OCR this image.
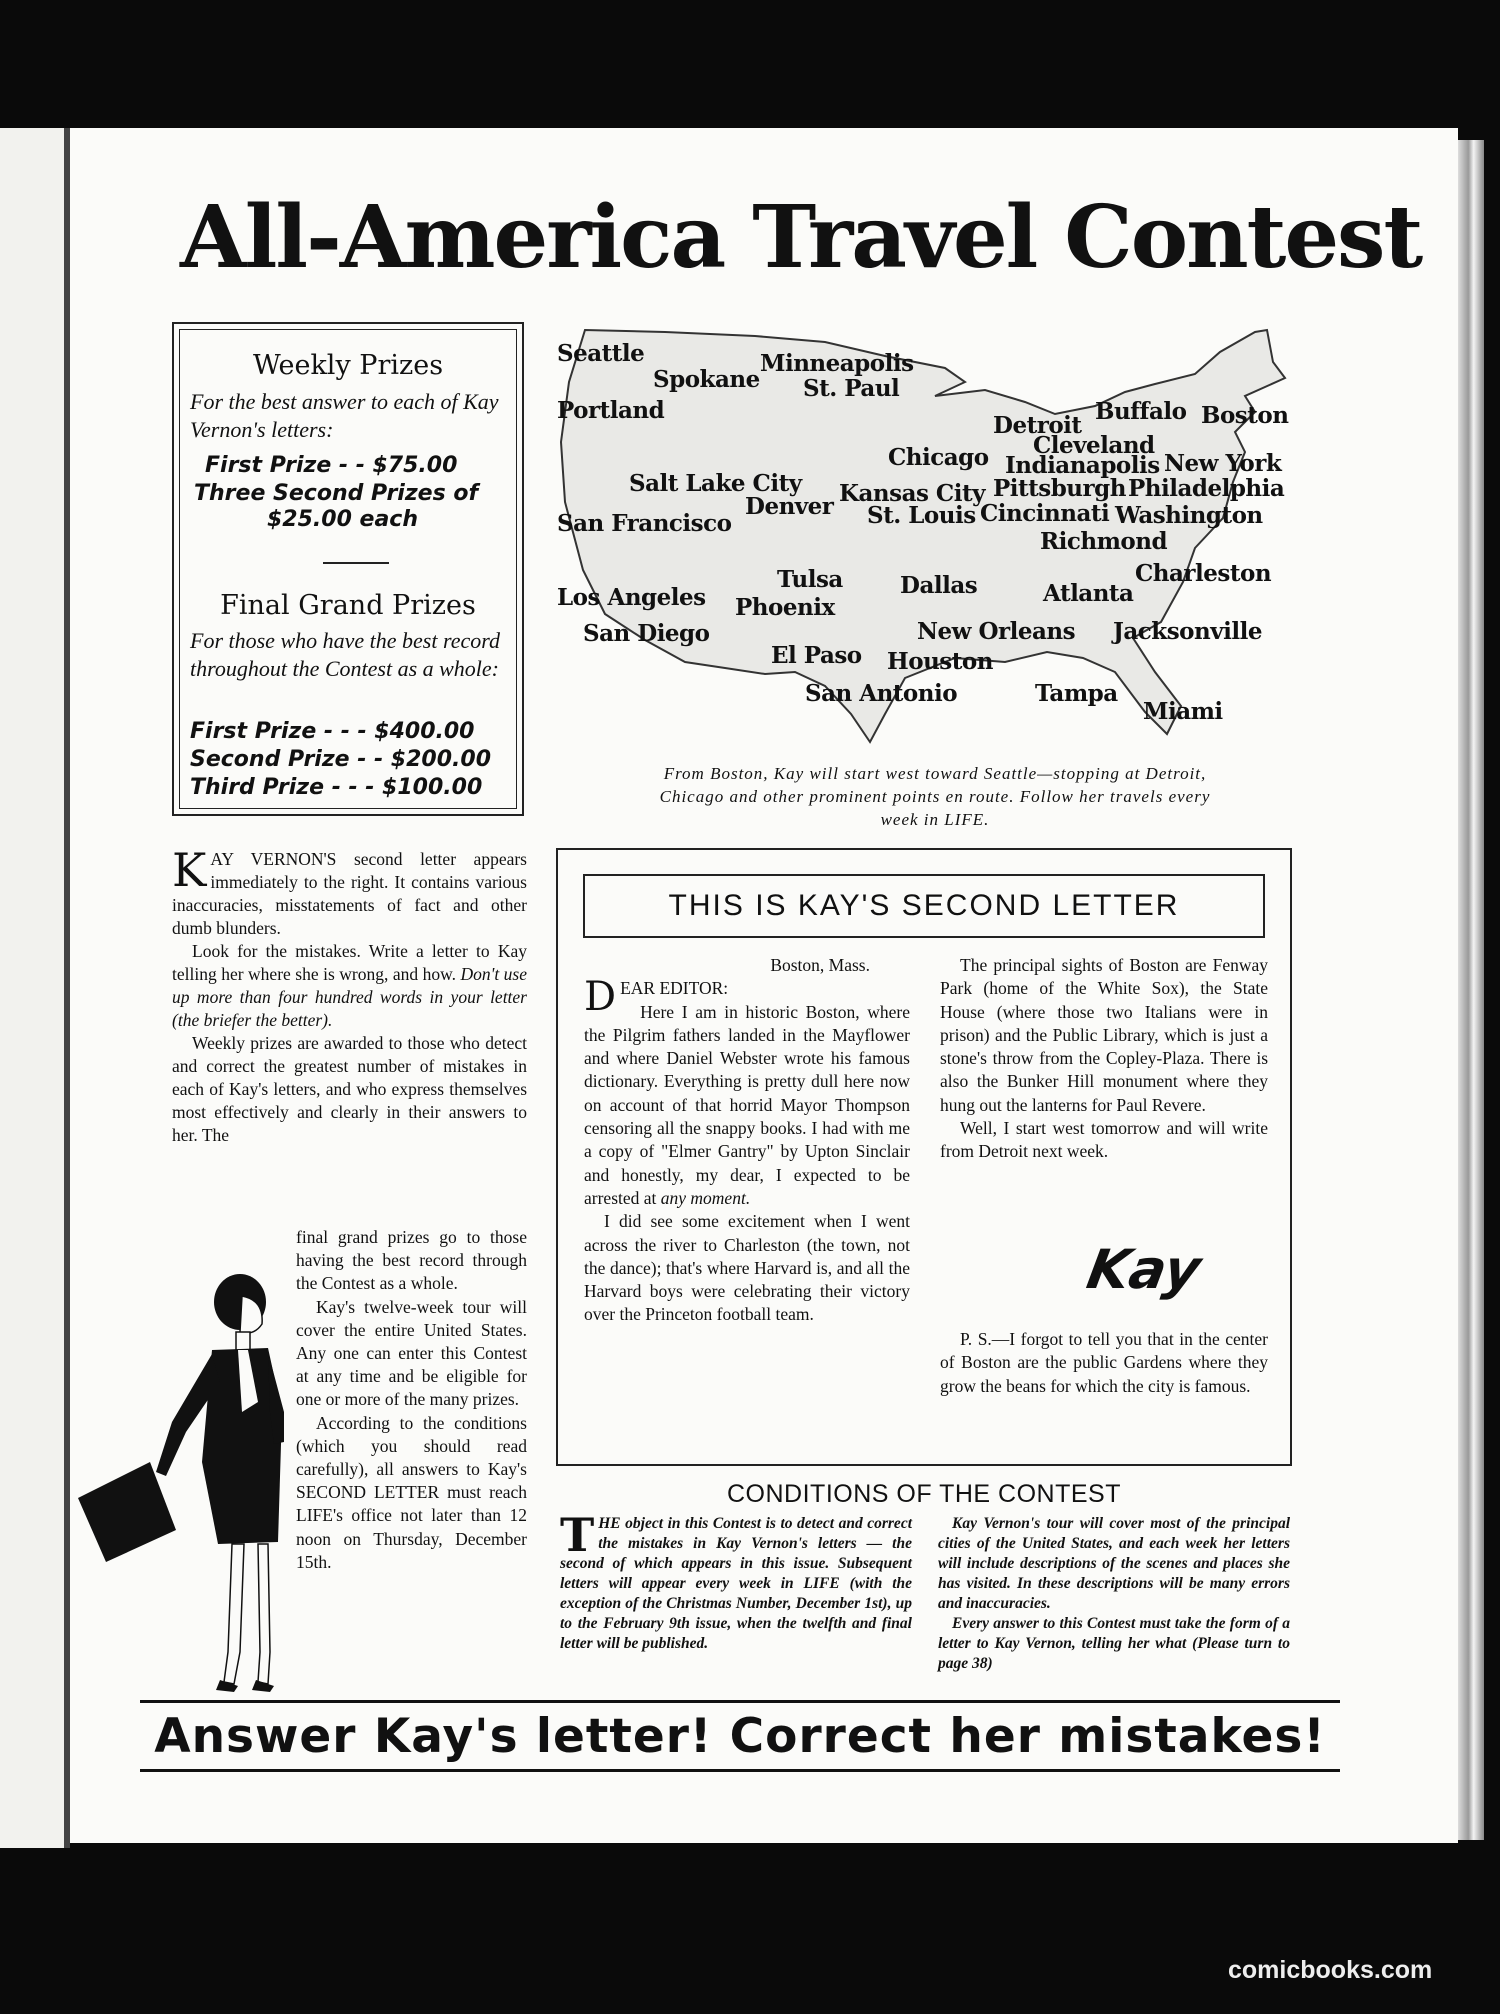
All-America Travel Contest
Weekly Prizes
For the best answer to each of Kay Vernon's letters:
First Prize - - $75.00
Three Second Prizes of
$25.00 each
Final Grand Prizes
For those who have the best record throughout the Contest as a whole:
First Prize - - - $400.00
Second Prize - - $200.00
Third Prize - - - $100.00
Seattle
Spokane
Minneapolis
St. Paul
Portland
Detroit
Buffalo Boston
Cleveland
Chicago Indianapolis New York
Salt Lake City Kansas City Pittsburgh Philadelphia
Denver
San Francisco	St. Louis Cincinnati Washington
Richmond
Charleston
Tulsa Dallas
Los Angeles	Atlanta
Phoenix
San Diego	New Orleans Jacksonville
El Paso Houston
San Antonio	Tampa
Miami
From Boston, Kay will start west toward Seattle—stopping at Detroit, Chicago and other prominent points en route. Follow her travels every week in LIFE.
K AY VERNON'S second letter appears immediately to the right. It contains various inaccuracies, misstatements of fact and other dumb blunders.

Look for the mistakes. Write a letter to Kay telling her where she is wrong, and how. Don't use up more than four hundred words in your letter (the briefer the better).

Weekly prizes are awarded to those who detect and correct the greatest number of mistakes in each of Kay's letters, and who express themselves most effectively and clearly in their answers to her. The

final grand prizes go to those having the best record through the Contest as a whole.

Kay's twelve-week tour will cover the entire United States. Any one can enter this Contest at any time and be eligible for one or more of the many prizes.

According to the conditions (which you should read carefully), all answers to Kay's SECOND LETTER must reach LIFE's office not later than 12 noon on Thursday, December 15th.

THIS IS KAY'S SECOND LETTER
Boston, Mass.
D EAR EDITOR:

Here I am in historic Boston, where the Pilgrim fathers landed in the Mayflower and where Daniel Webster wrote his famous dictionary. Everything is pretty dull here now on account of that horrid Mayor Thompson censoring all the snappy books. I had with me a copy of "Elmer Gantry" by Upton Sinclair and honestly, my dear, I expected to be arrested at any moment.

I did see some excitement when I went across the river to Charleston (the town, not the dance); that's where Harvard is, and all the Harvard boys were celebrating their victory over the Princeton football team.

The principal sights of Boston are Fenway Park (home of the White Sox), the State House (where those two Italians were in prison) and the Public Library, which is just a stone's throw from the Copley-Plaza. There is also the Bunker Hill monument where they hung out the lanterns for Paul Revere.

Well, I start west tomorrow and will write from Detroit next week.

Kay

P. S.—I forgot to tell you that in the center of Boston are the public Gardens where they grow the beans for which the city is famous.

CONDITIONS OF THE CONTEST
T HE object in this Contest is to detect and correct the mistakes in Kay Vernon's letters — the second of which appears in this issue. Subsequent letters will appear every week in LIFE (with the exception of the Christmas Number, December 1st), up to the February 9th issue, when the twelfth and final letter will be published.

Kay Vernon's tour will cover most of the principal cities of the United States, and each week her letters will include descriptions of the scenes and places she has visited. In these descriptions will be many errors and inaccuracies.

Every answer to this Contest must take the form of a letter to Kay Vernon, telling her what (Please turn to page 38)

Answer Kay's letter! Correct her mistakes!
comicbooks.com
